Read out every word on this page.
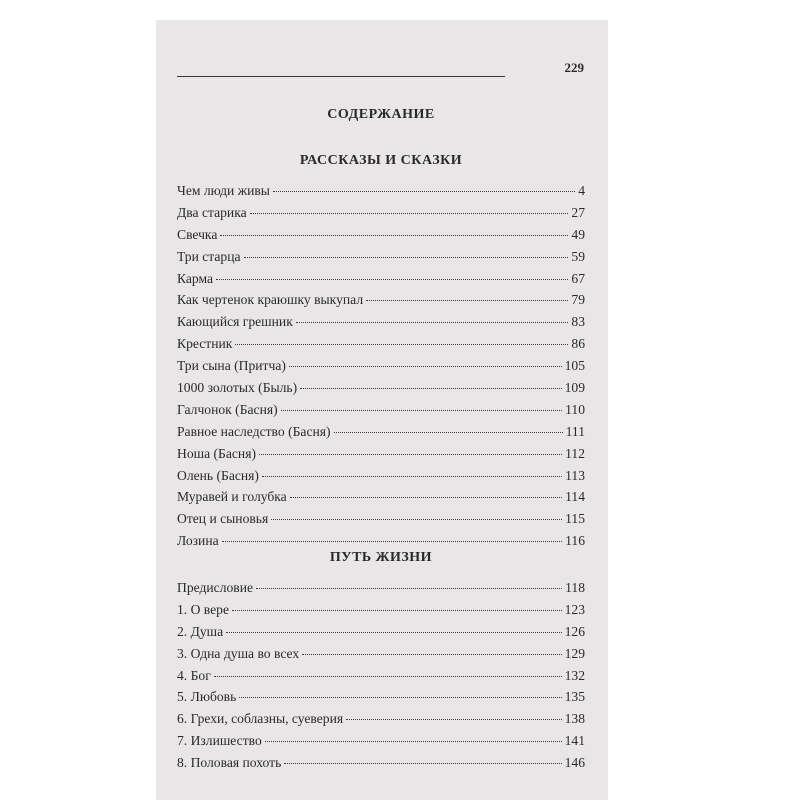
229
СОДЕРЖАНИЕ
РАССКАЗЫ И СКАЗКИ
Чем люди живы	4
Два старика	27
Свечка	49
Три старца	59
Карма	67
Как чертенок краюшку выкупал	79
Кающийся грешник	83
Крестник	86
Три сына (Притча)	105
1000 золотых (Быль)	109
Галчонок (Басня)	110
Равное наследство (Басня)	111
Ноша (Басня)	112
Олень (Басня)	113
Муравей и голубка	114
Отец и сыновья	115
Лозина	116
ПУТЬ ЖИЗНИ
Предисловие	118
1. О вере	123
2. Душа	126
3. Одна душа во всех	129
4. Бог	132
5. Любовь	135
6. Грехи, соблазны, суеверия	138
7. Излишество	141
8. Половая похоть	146
